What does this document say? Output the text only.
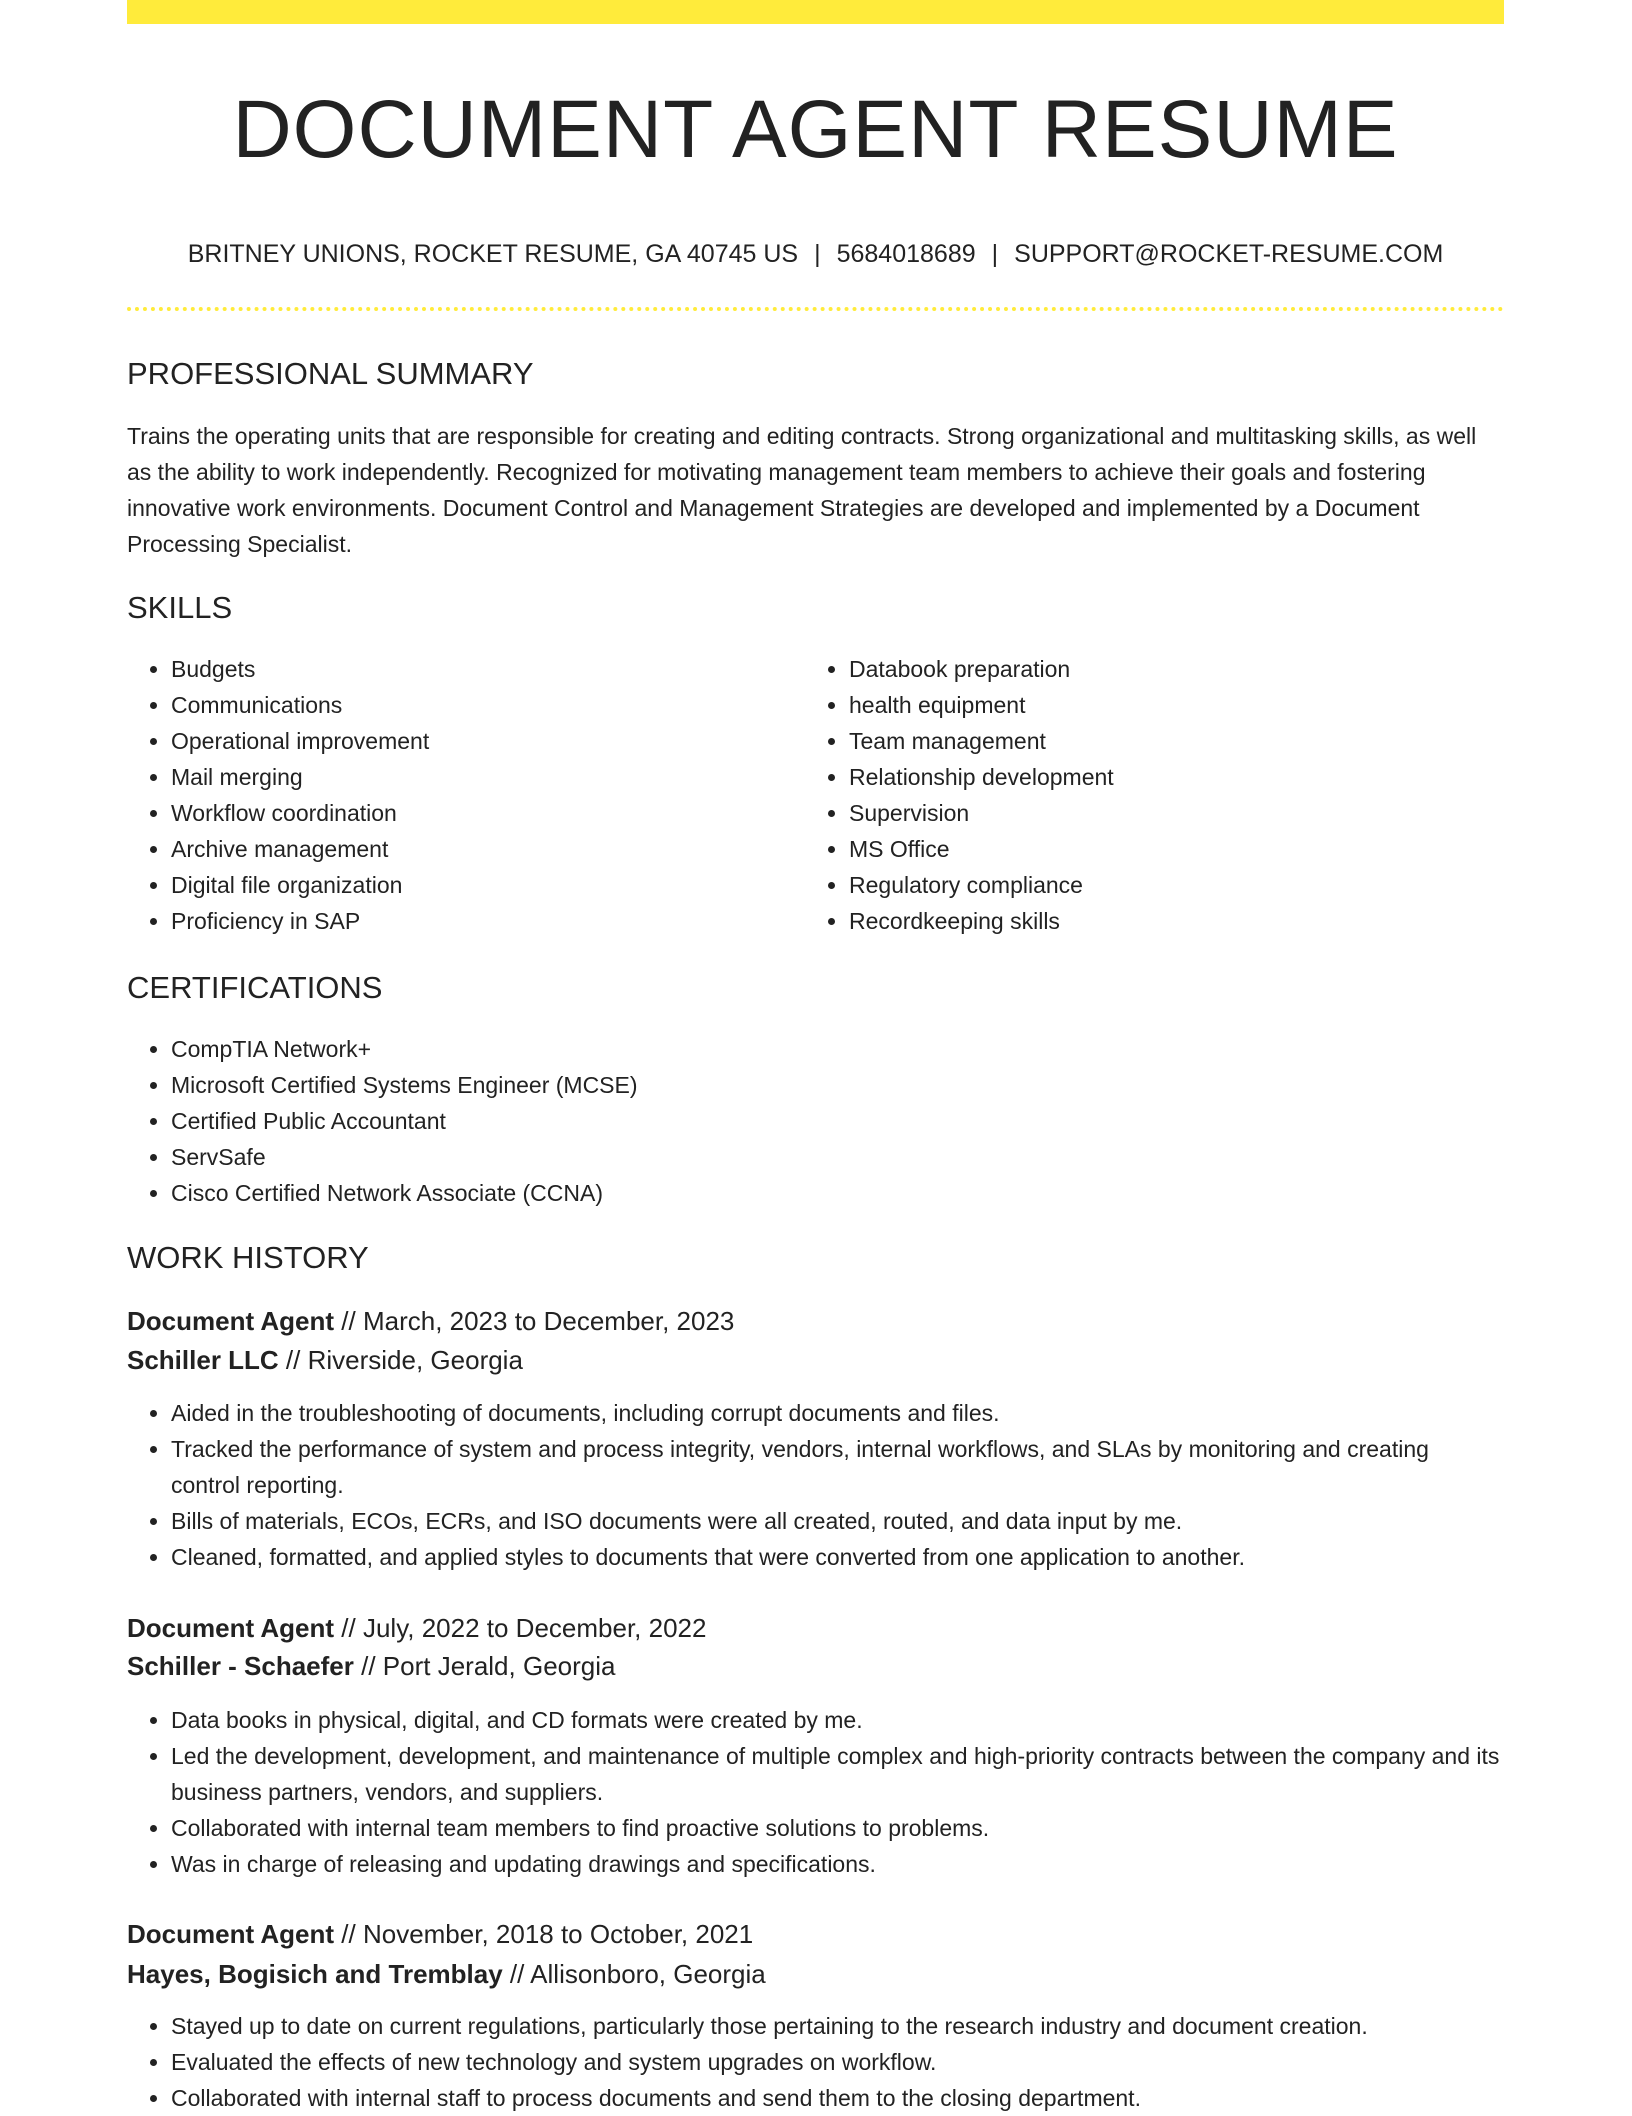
DOCUMENT AGENT RESUME
BRITNEY UNIONS, ROCKET RESUME, GA 40745 US | 5684018689 | SUPPORT@ROCKET-RESUME.COM
PROFESSIONAL SUMMARY

Trains the operating units that are responsible for creating and editing contracts. Strong organizational and multitasking skills, as well as the ability to work independently. Recognized for motivating management team members to achieve their goals and fostering innovative work environments. Document Control and Management Strategies are developed and implemented by a Document Processing Specialist.

SKILLS
• Budgets
• Communications
• Operational improvement
• Mail merging
• Workflow coordination
• Archive management
• Digital file organization
• Proficiency in SAP
• Databook preparation
• health equipment
• Team management
• Relationship development
• Supervision
• MS Office
• Regulatory compliance
• Recordkeeping skills
CERTIFICATIONS
• CompTIA Network+
• Microsoft Certified Systems Engineer (MCSE)
• Certified Public Accountant
• ServSafe
• Cisco Certified Network Associate (CCNA)
WORK HISTORY
Document Agent // March, 2023 to December, 2023
Schiller LLC // Riverside, Georgia
• Aided in the troubleshooting of documents, including corrupt documents and files.
• Tracked the performance of system and process integrity, vendors, internal workflows, and SLAs by monitoring and creating control reporting.
• Bills of materials, ECOs, ECRs, and ISO documents were all created, routed, and data input by me.
• Cleaned, formatted, and applied styles to documents that were converted from one application to another.
Document Agent // July, 2022 to December, 2022
Schiller - Schaefer // Port Jerald, Georgia
• Data books in physical, digital, and CD formats were created by me.
• Led the development, development, and maintenance of multiple complex and high-priority contracts between the company and its business partners, vendors, and suppliers.
• Collaborated with internal team members to find proactive solutions to problems.
• Was in charge of releasing and updating drawings and specifications.
Document Agent // November, 2018 to October, 2021
Hayes, Bogisich and Tremblay // Allisonboro, Georgia
• Stayed up to date on current regulations, particularly those pertaining to the research industry and document creation.
• Evaluated the effects of new technology and system upgrades on workflow.
• Collaborated with internal staff to process documents and send them to the closing department.
